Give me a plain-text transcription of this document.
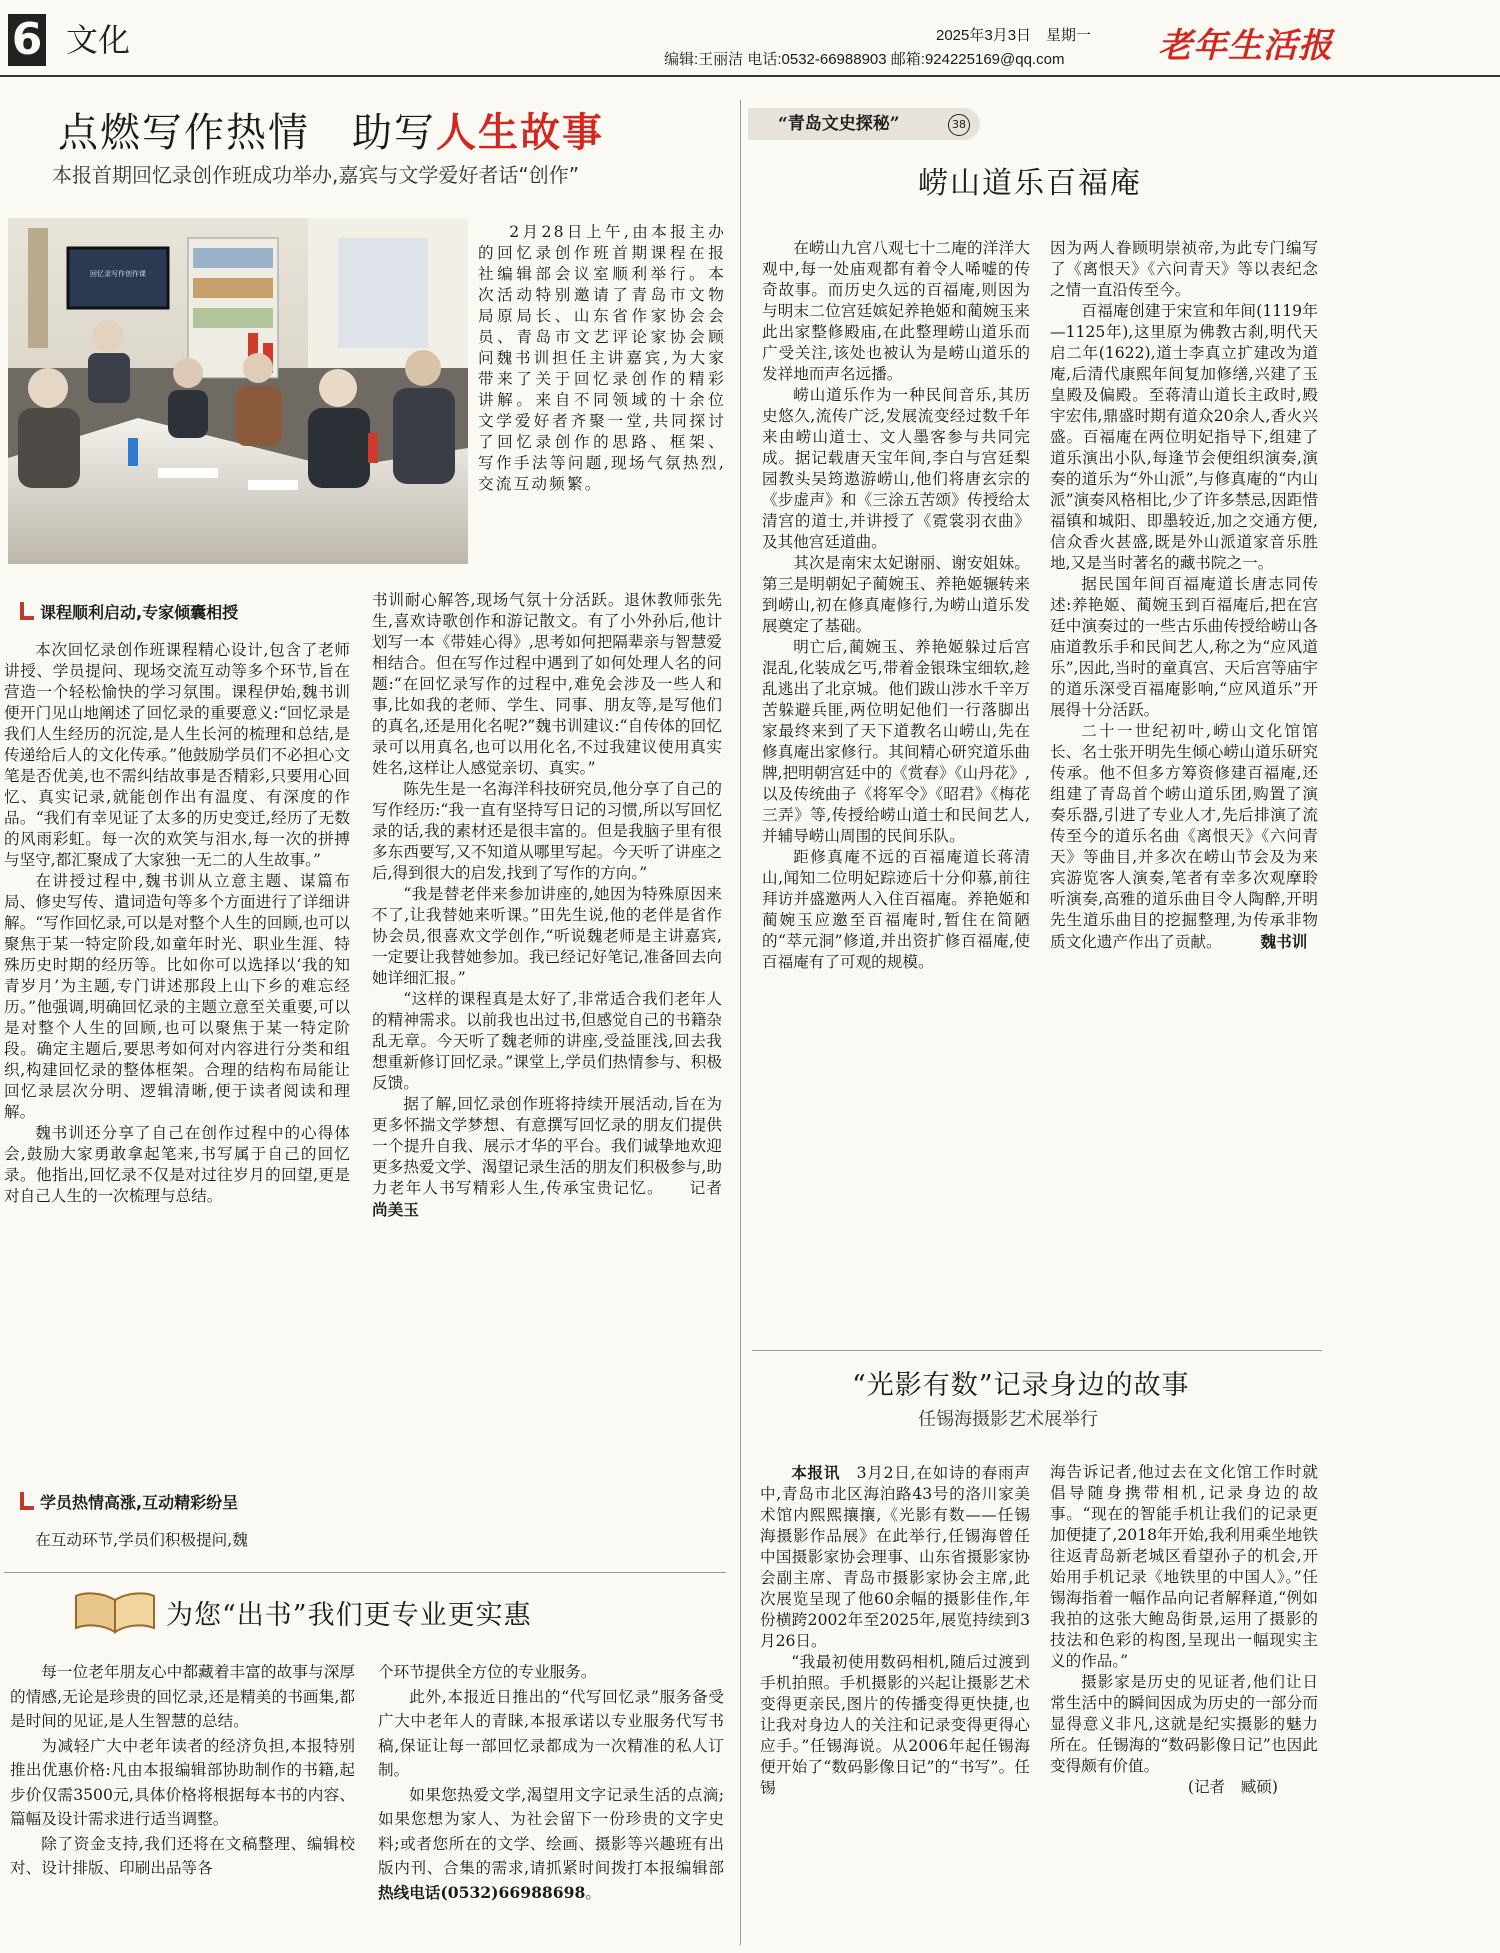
6 文化	2025年3月3日　星期一
编辑:王丽洁 电话:0532-66988903 邮箱:924225169@qq.com	老年生活报
点燃写作热情　助写人生故事
本报首期回忆录创作班成功举办,嘉宾与文学爱好者话“创作”
回忆录写作创作课

2月28日上午,由本报主办的回忆录创作班首期课程在报社编辑部会议室顺利举行。本次活动特别邀请了青岛市文物局原局长、山东省作家协会会员、青岛市文艺评论家协会顾问魏书训担任主讲嘉宾,为大家带来了关于回忆录创作的精彩讲解。来自不同领域的十余位文学爱好者齐聚一堂,共同探讨了回忆录创作的思路、框架、写作手法等问题,现场气氛热烈,交流互动频繁。

课程顺利启动,专家倾囊相授

本次回忆录创作班课程精心设计,包含了老师讲授、学员提问、现场交流互动等多个环节,旨在营造一个轻松愉快的学习氛围。课程伊始,魏书训便开门见山地阐述了回忆录的重要意义:“回忆录是我们人生经历的沉淀,是人生长河的梳理和总结,是传递给后人的文化传承。”他鼓励学员们不必担心文笔是否优美,也不需纠结故事是否精彩,只要用心回忆、真实记录,就能创作出有温度、有深度的作品。“我们有幸见证了太多的历史变迁,经历了无数的风雨彩虹。每一次的欢笑与泪水,每一次的拼搏与坚守,都汇聚成了大家独一无二的人生故事。”

在讲授过程中,魏书训从立意主题、谋篇布局、修史写传、遣词造句等多个方面进行了详细讲解。“写作回忆录,可以是对整个人生的回顾,也可以聚焦于某一特定阶段,如童年时光、职业生涯、特殊历史时期的经历等。比如你可以选择以‘我的知青岁月’为主题,专门讲述那段上山下乡的难忘经历。”他强调,明确回忆录的主题立意至关重要,可以是对整个人生的回顾,也可以聚焦于某一特定阶段。确定主题后,要思考如何对内容进行分类和组织,构建回忆录的整体框架。合理的结构布局能让回忆录层次分明、逻辑清晰,便于读者阅读和理解。

魏书训还分享了自己在创作过程中的心得体会,鼓励大家勇敢拿起笔来,书写属于自己的回忆录。他指出,回忆录不仅是对过往岁月的回望,更是对自己人生的一次梳理与总结。

学员热情高涨,互动精彩纷呈

在互动环节,学员们积极提问,魏

书训耐心解答,现场气氛十分活跃。退休教师张先生,喜欢诗歌创作和游记散文。有了小外孙后,他计划写一本《带娃心得》,思考如何把隔辈亲与智慧爱相结合。但在写作过程中遇到了如何处理人名的问题:“在回忆录写作的过程中,难免会涉及一些人和事,比如我的老师、学生、同事、朋友等,是写他们的真名,还是用化名呢?”魏书训建议:“自传体的回忆录可以用真名,也可以用化名,不过我建议使用真实姓名,这样让人感觉亲切、真实。”

陈先生是一名海洋科技研究员,他分享了自己的写作经历:“我一直有坚持写日记的习惯,所以写回忆录的话,我的素材还是很丰富的。但是我脑子里有很多东西要写,又不知道从哪里写起。今天听了讲座之后,得到很大的启发,找到了写作的方向。”

“我是替老伴来参加讲座的,她因为特殊原因来不了,让我替她来听课。”田先生说,他的老伴是省作协会员,很喜欢文学创作,“听说魏老师是主讲嘉宾,一定要让我替她参加。我已经记好笔记,准备回去向她详细汇报。”

“这样的课程真是太好了,非常适合我们老年人的精神需求。以前我也出过书,但感觉自己的书籍杂乱无章。今天听了魏老师的讲座,受益匪浅,回去我想重新修订回忆录。”课堂上,学员们热情参与、积极反馈。

据了解,回忆录创作班将持续开展活动,旨在为更多怀揣文学梦想、有意撰写回忆录的朋友们提供一个提升自我、展示才华的平台。我们诚挚地欢迎更多热爱文学、渴望记录生活的朋友们积极参与,助力老年人书写精彩人生,传承宝贵记忆。　　 记者　尚美玉

为您“出书”我们更专业更实惠

每一位老年朋友心中都藏着丰富的故事与深厚的情感,无论是珍贵的回忆录,还是精美的书画集,都是时间的见证,是人生智慧的总结。

为减轻广大中老年读者的经济负担,本报特别推出优惠价格:凡由本报编辑部协助制作的书籍,起步价仅需3500元,具体价格将根据每本书的内容、篇幅及设计需求进行适当调整。

除了资金支持,我们还将在文稿整理、编辑校对、设计排版、印刷出品等各

个环节提供全方位的专业服务。

此外,本报近日推出的“代写回忆录”服务备受广大中老年人的青睐,本报承诺以专业服务代写书稿,保证让每一部回忆录都成为一次精准的私人订制。

如果您热爱文学,渴望用文字记录生活的点滴;如果您想为家人、为社会留下一份珍贵的文字史料;或者您所在的文学、绘画、摄影等兴趣班有出版内刊、合集的需求,请抓紧时间拨打本报编辑部热线电话(0532)66988698。

“青岛文史探秘”	38
崂山道乐百福庵

在崂山九宫八观七十二庵的洋洋大观中,每一处庙观都有着令人唏嘘的传奇故事。而历史久远的百福庵,则因为与明末二位宫廷嫔妃养艳姬和蔺婉玉来此出家整修殿庙,在此整理崂山道乐而广受关注,该处也被认为是崂山道乐的发祥地而声名远播。

崂山道乐作为一种民间音乐,其历史悠久,流传广泛,发展流变经过数千年来由崂山道士、文人墨客参与共同完成。据记载唐天宝年间,李白与宫廷梨园教头吴筠遨游崂山,他们将唐玄宗的《步虚声》和《三涂五苦颂》传授给太清宫的道士,并讲授了《霓裳羽衣曲》及其他宫廷道曲。

其次是南宋太妃谢丽、谢安姐妹。第三是明朝妃子蔺婉玉、养艳姬辗转来到崂山,初在修真庵修行,为崂山道乐发展奠定了基础。

明亡后,蔺婉玉、养艳姬躲过后宫混乱,化装成乞丐,带着金银珠宝细软,趁乱逃出了北京城。他们跋山涉水千辛万苦躲避兵匪,两位明妃他们一行落脚出家最终来到了天下道教名山崂山,先在修真庵出家修行。其间精心研究道乐曲牌,把明朝宫廷中的《赏春》《山丹花》,以及传统曲子《将军令》《昭君》《梅花三弄》等,传授给崂山道士和民间艺人,并辅导崂山周围的民间乐队。

距修真庵不远的百福庵道长蒋清山,闻知二位明妃踪迹后十分仰慕,前往拜访并盛邀两人入住百福庵。养艳姬和蔺婉玉应邀至百福庵时,暂住在简陋的“萃元洞”修道,并出资扩修百福庵,使百福庵有了可观的规模。

因为两人眷顾明崇祯帝,为此专门编写了《离恨天》《六问青天》等以表纪念之情一直沿传至今。

百福庵创建于宋宣和年间(1119年—1125年),这里原为佛教古刹,明代天启二年(1622),道士李真立扩建改为道庵,后清代康熙年间复加修缮,兴建了玉皇殿及偏殿。至蒋清山道长主政时,殿宇宏伟,鼎盛时期有道众20余人,香火兴盛。百福庵在两位明妃指导下,组建了道乐演出小队,每逢节会便组织演奏,演奏的道乐为“外山派”,与修真庵的“内山派”演奏风格相比,少了许多禁忌,因距惜福镇和城阳、即墨较近,加之交通方便,信众香火甚盛,既是外山派道家音乐胜地,又是当时著名的藏书院之一。

据民国年间百福庵道长唐志同传述:养艳姬、蔺婉玉到百福庵后,把在宫廷中演奏过的一些古乐曲传授给崂山各庙道教乐手和民间艺人,称之为“应风道乐”,因此,当时的童真宫、天后宫等庙宇的道乐深受百福庵影响,“应风道乐”开展得十分活跃。

二十一世纪初叶,崂山文化馆馆长、名士张开明先生倾心崂山道乐研究传承。他不但多方筹资修建百福庵,还组建了青岛首个崂山道乐团,购置了演奏乐器,引进了专业人才,先后排演了流传至今的道乐名曲《离恨天》《六问青天》等曲目,并多次在崂山节会及为来宾游览客人演奏,笔者有幸多次观摩聆听演奏,高雅的道乐曲目令人陶醉,开明先生道乐曲目的挖掘整理,为传承非物质文化遗产作出了贡献。　　　	魏书训

“光影有数”记录身边的故事
任锡海摄影艺术展举行

本报讯　 3月2日,在如诗的春雨声中,青岛市北区海泊路43号的洛川家美术馆内熙熙攘攘,《光影有数——任锡海摄影作品展》在此举行,任锡海曾任中国摄影家协会理事、山东省摄影家协会副主席、青岛市摄影家协会主席,此次展览呈现了他60余幅的摄影佳作,年份横跨2002年至2025年,展览持续到3月26日。

“我最初使用数码相机,随后过渡到手机拍照。手机摄影的兴起让摄影艺术变得更亲民,图片的传播变得更快捷,也让我对身边人的关注和记录变得更得心应手。”任锡海说。从2006年起任锡海便开始了“数码影像日记”的“书写”。任锡

海告诉记者,他过去在文化馆工作时就倡导随身携带相机,记录身边的故事。“现在的智能手机让我们的记录更加便捷了,2018年开始,我利用乘坐地铁往返青岛新老城区看望孙子的机会,开始用手机记录《地铁里的中国人》。”任锡海指着一幅作品向记者解释道,“例如我拍的这张大鲍岛街景,运用了摄影的技法和色彩的构图,呈现出一幅现实主义的作品。”

摄影家是历史的见证者,他们让日常生活中的瞬间因成为历史的一部分而显得意义非凡,这就是纪实摄影的魅力所在。任锡海的“数码影像日记”也因此变得颇有价值。

(记者　臧硕)
